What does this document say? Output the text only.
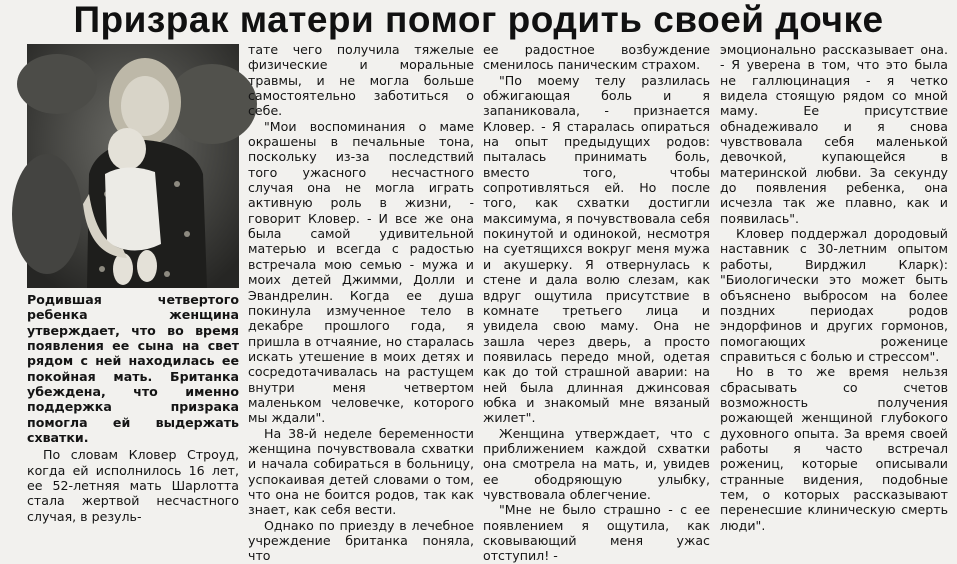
Призрак матери помог родить своей дочке

Родившая четвертого ребенка женщина утверждает, что во время появления ее сына на свет рядом с ней находилась ее покойная мать. Британка убеждена, что именно поддержка призрака помогла ей выдержать схватки.

По словам Кловер Строуд, когда ей исполнилось 16 лет, ее 52-летняя мать Шарлотта стала жертвой несчастного случая, в резуль-

тате чего получила тяжелые физические и моральные травмы, и не могла больше самостоятельно заботиться о себе.

"Мои воспоминания о маме окрашены в печальные тона, поскольку из-за последствий того ужасного несчастного случая она не могла играть активную роль в жизни, - говорит Кловер. - И все же она была самой удивительной матерью и всегда с радостью встречала мою семью - мужа и моих детей Джимми, Долли и Эвандрелин. Когда ее душа покинула измученное тело в декабре прошлого года, я пришла в отчаяние, но старалась искать утешение в моих детях и сосредотачивалась на растущем внутри меня четвертом маленьком человечке, которого мы ждали".

На 38-й неделе беременности женщина почувствовала схватки и начала собираться в больницу, успокаивая детей словами о том, что она не боится родов, так как знает, как себя вести.

Однако по приезду в лечебное учреждение британка поняла, что

ее радостное возбуждение сменилось паническим страхом.

"По моему телу разлилась обжигающая боль и я запаниковала, - признается Кловер. - Я старалась опираться на опыт предыдущих родов: пыталась принимать боль, вместо того, чтобы сопротивляться ей. Но после того, как схватки достигли максимума, я почувствовала себя покинутой и одинокой, несмотря на суетящихся вокруг меня мужа и акушерку. Я отвернулась к стене и дала волю слезам, как вдруг ощутила присутствие в комнате третьего лица и увидела свою маму. Она не зашла через дверь, а просто появилась передо мной, одетая как до той страшной аварии: на ней была длинная джинсовая юбка и знакомый мне вязаный жилет".

Женщина утверждает, что с приближением каждой схватки она смотрела на мать, и, увидев ее ободряющую улыбку, чувствовала облегчение.

"Мне не было страшно - с ее появлением я ощутила, как сковывающий меня ужас отступил! -

эмоционально рассказывает она. - Я уверена в том, что это была не галлюцинация - я четко видела стоящую рядом со мной маму. Ее присутствие обнадеживало и я снова чувствовала себя маленькой девочкой, купающейся в материнской любви. За секунду до появления ребенка, она исчезла так же плавно, как и появилась".

Кловер поддержал дородовый наставник с 30-летним опытом работы, Вирджил Кларк): "Биологически это может быть объяснено выбросом на более поздних периодах родов эндорфинов и других гормонов, помогающих роженице справиться с болью и стрессом".

Но в то же время нельзя сбрасывать со счетов возможность получения рожающей женщиной глубокого духовного опыта. За время своей работы я часто встречал рожениц, которые описывали странные видения, подобные тем, о которых рассказывают перенесшие клиническую смерть люди".
